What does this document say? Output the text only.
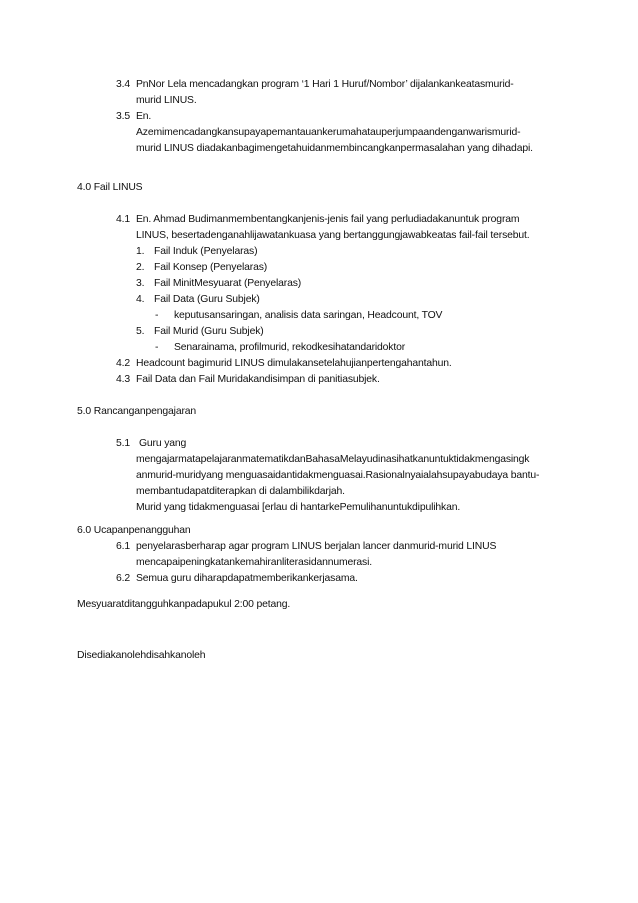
3.4 PnNor Lela mencadangkan program ‘1 Hari 1 Huruf/Nombor’ dijalankankeatasmurid-
murid LINUS.
3.5 En.
Azemimencadangkansupayapemantauankerumahatauperjumpaandenganwarismurid-
murid LINUS diadakanbagimengetahuidanmembincangkanpermasalahan yang dihadapi.
4.0 Fail LINUS
4.1 En. Ahmad Budimanmembentangkanjenis-jenis fail yang perludiadakanuntuk program
LINUS, besertadenganahlijawatankuasa yang bertanggungjawabkeatas fail-fail tersebut.
1. Fail Induk (Penyelaras)
2. Fail Konsep (Penyelaras)
3. Fail MinitMesyuarat (Penyelaras)
4. Fail Data (Guru Subjek)
- keputusansaringan, analisis data saringan, Headcount, TOV
5. Fail Murid (Guru Subjek)
- Senarainama, profilmurid, rekodkesihatandaridoktor
4.2 Headcount bagimurid LINUS dimulakansetelahujianpertengahantahun.
4.3 Fail Data dan Fail Muridakandisimpan di panitiasubjek.
5.0 Rancanganpengajaran
5.1 Guru yang
mengajarmatapelajaranmatematikdanBahasaMelayudinasihatkanuntuktidakmengasingk
anmurid-muridyang menguasaidantidakmenguasai.Rasionalnyaialahsupayabudaya bantu-
membantudapatditerapkan di dalambilikdarjah.
Murid yang tidakmenguasai [erlau di hantarkePemulihanuntukdipulihkan.
6.0 Ucapanpenangguhan
6.1 penyelarasberharap agar program LINUS berjalan lancer danmurid-murid LINUS
mencapaipeningkatankemahiranliterasidannumerasi.
6.2 Semua guru diharapdapatmemberikankerjasama.
Mesyuaratditangguhkanpadapukul 2:00 petang.
Disediakanolehdisahkanoleh
